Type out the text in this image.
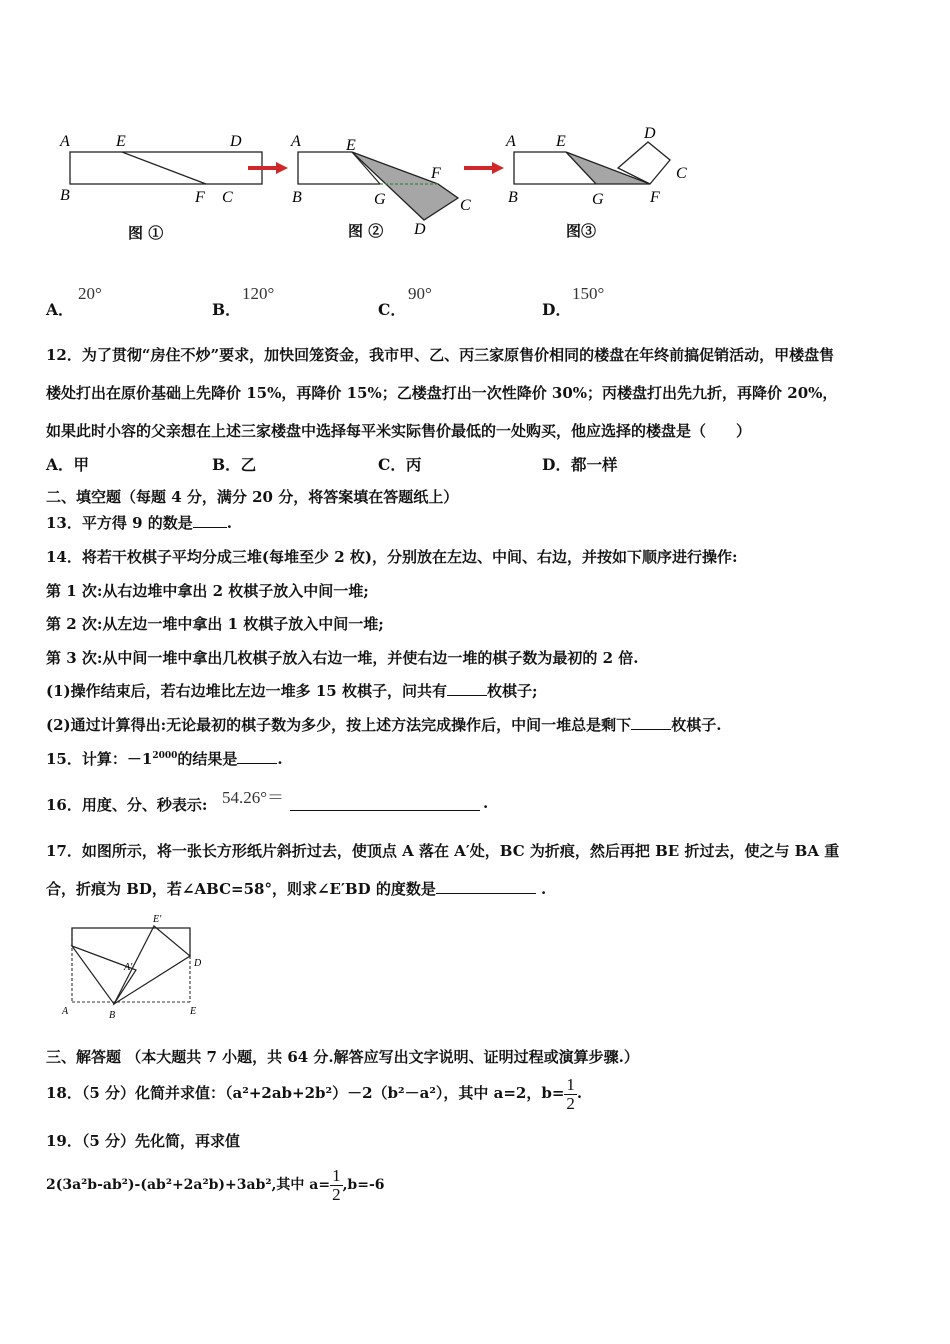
A	E	D
B	F C
A	E
F
B	G	C
D
A	E	D
C
B	G	F
图 ①	图 ②	图③
A．
20°
B．
120°
C．
90°
D．
150°
12．为了贯彻“房住不炒”要求，加快回笼资金，我市甲、乙、丙三家原售价相同的楼盘在年终前搞促销活动，甲楼盘售
楼处打出在原价基础上先降价 15%，再降价 15%；乙楼盘打出一次性降价 30%；丙楼盘打出先九折，再降价 20%，
如果此时小容的父亲想在上述三家楼盘中选择每平米实际售价最低的一处购买，他应选择的楼盘是（　　）
A．甲	B．乙	C．丙	D．都一样
二、填空题（每题 4 分，满分 20 分，将答案填在答题纸上）
13．平方得 9 的数是 .
14．将若干枚棋子平均分成三堆(每堆至少 2 枚)，分别放在左边、中间、右边，并按如下顺序进行操作:
第 1 次:从右边堆中拿出 2 枚棋子放入中间一堆;
第 2 次:从左边一堆中拿出 1 枚棋子放入中间一堆;
第 3 次:从中间一堆中拿出几枚棋子放入右边一堆，并使右边一堆的棋子数为最初的 2 倍.
(1)操作结束后，若右边堆比左边一堆多 15 枚棋子，问共有	枚棋子;
(2)通过计算得出:无论最初的棋子数为多少，按上述方法完成操作后，中间一堆总是剩下	枚棋子.
15．计算：$-1^{2000}$的结果是	.
16．用度、分、秒表示: 54.26°＝	.
17．如图所示，将一张长方形纸片斜折过去，使顶点 A 落在 A′处，BC 为折痕，然后再把 BE 折过去，使之与 BA 重
合，折痕为 BD，若∠ABC=58°，则求∠E′BD 的度数是	.
E'
A'	D
A	B	E
三、解答题 （本大题共 7 小题，共 64 分.解答应写出文字说明、证明过程或演算步骤.）
18．（5 分）化简并求值：（a²+2ab+2b²）－2（b²－a²），其中 a=2，$b= \frac{1}{2}$ .
19．（5 分）先化简，再求值
2(3a²b-ab²)-(ab²+2a²b)+3ab²,其中 $a= \frac{1}{2} ,b=-6$
